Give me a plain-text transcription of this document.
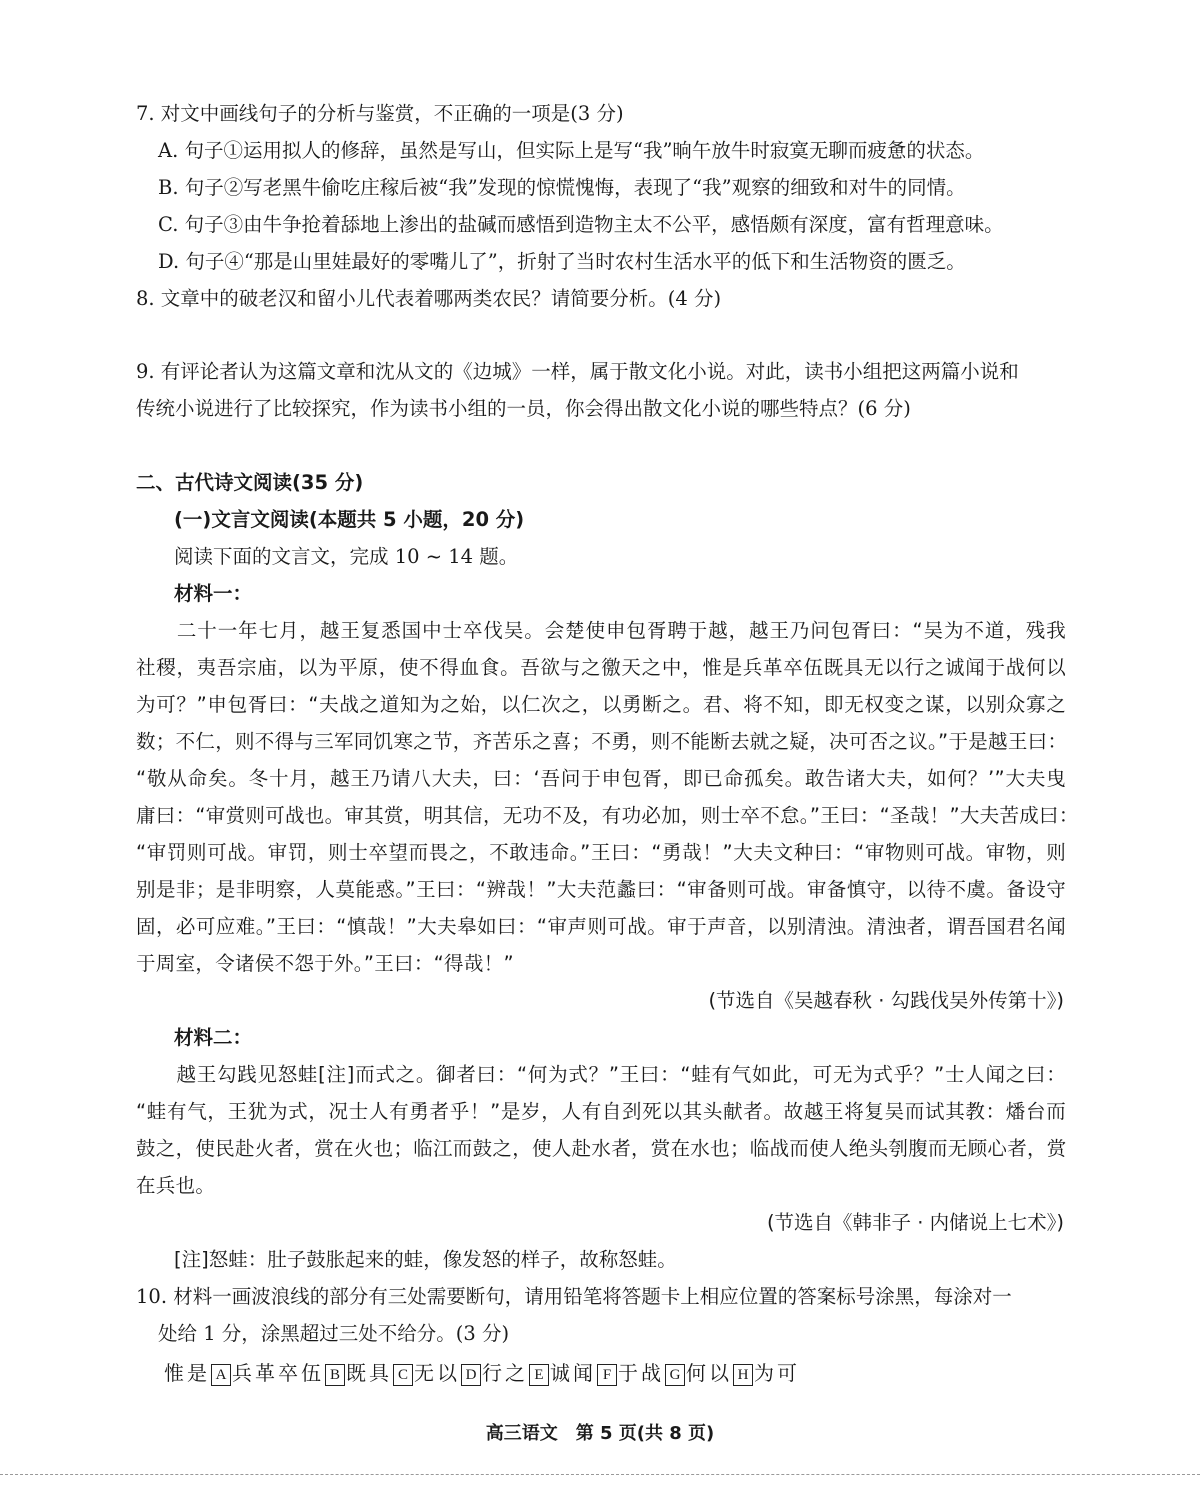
7. 对文中画线句子的分析与鉴赏，不正确的一项是(3 分)
A. 句子①运用拟人的修辞，虽然是写山，但实际上是写“我”晌午放牛时寂寞无聊而疲惫的状态。
B. 句子②写老黑牛偷吃庄稼后被“我”发现的惊慌愧悔，表现了“我”观察的细致和对牛的同情。
C. 句子③由牛争抢着舔地上渗出的盐碱而感悟到造物主太不公平，感悟颇有深度，富有哲理意味。
D. 句子④“那是山里娃最好的零嘴儿了”，折射了当时农村生活水平的低下和生活物资的匮乏。
8. 文章中的破老汉和留小儿代表着哪两类农民？请简要分析。(4 分)
9. 有评论者认为这篇文章和沈从文的《边城》一样，属于散文化小说。对此，读书小组把这两篇小说和
传统小说进行了比较探究，作为读书小组的一员，你会得出散文化小说的哪些特点？(6 分)
二、古代诗文阅读(35 分)
(一)文言文阅读(本题共 5 小题，20 分)
阅读下面的文言文，完成 10 ~ 14 题。
材料一：
　　二十一年七月，越王复悉国中士卒伐吴。会楚使申包胥聘于越，越王乃问包胥曰：“吴为不道，残我
社稷，夷吾宗庙，以为平原，使不得血食。吾欲与之徼天之中，惟是兵革卒伍既具无以行之诚闻于战何以
为可？”申包胥曰：“夫战之道知为之始，以仁次之，以勇断之。君、将不知，即无权变之谋，以别众寡之
数；不仁，则不得与三军同饥寒之节，齐苦乐之喜；不勇，则不能断去就之疑，决可否之议。”于是越王曰：
“敬从命矣。冬十月，越王乃请八大夫，曰：‘吾问于申包胥，即已命孤矣。敢告诸大夫，如何？’”大夫曳
庸曰：“审赏则可战也。审其赏，明其信，无功不及，有功必加，则士卒不怠。”王曰：“圣哉！”大夫苦成曰：
“审罚则可战。审罚，则士卒望而畏之，不敢违命。”王曰：“勇哉！”大夫文种曰：“审物则可战。审物，则
别是非；是非明察，人莫能惑。”王曰：“辨哉！”大夫范蠡曰：“审备则可战。审备慎守，以待不虞。备设守
固，必可应难。”王曰：“慎哉！”大夫皋如曰：“审声则可战。审于声音，以别清浊。清浊者，谓吾国君名闻
于周室，令诸侯不怨于外。”王曰：“得哉！”
(节选自《吴越春秋 · 勾践伐吴外传第十》)
材料二：
　　越王勾践见怒蛙[注]而式之。御者曰：“何为式？”王曰：“蛙有气如此，可无为式乎？”士人闻之曰：
“蛙有气，王犹为式，况士人有勇者乎！”是岁，人有自刭死以其头献者。故越王将复吴而试其教：燔台而
鼓之，使民赴火者，赏在火也；临江而鼓之，使人赴水者，赏在水也；临战而使人绝头刳腹而无顾心者，赏
在兵也。
(节选自《韩非子 · 内储说上七术》)
[注]怒蛙：肚子鼓胀起来的蛙，像发怒的样子，故称怒蛙。
10. 材料一画波浪线的部分有三处需要断句，请用铅笔将答题卡上相应位置的答案标号涂黑，每涂对一
处给 1 分，涂黑超过三处不给分。(3 分)
惟是 A 兵革卒伍 B 既具 C 无以 D 行之 E 诚闻 F 于战 G 何以 H 为可
高三语文　第 5 页(共 8 页)
